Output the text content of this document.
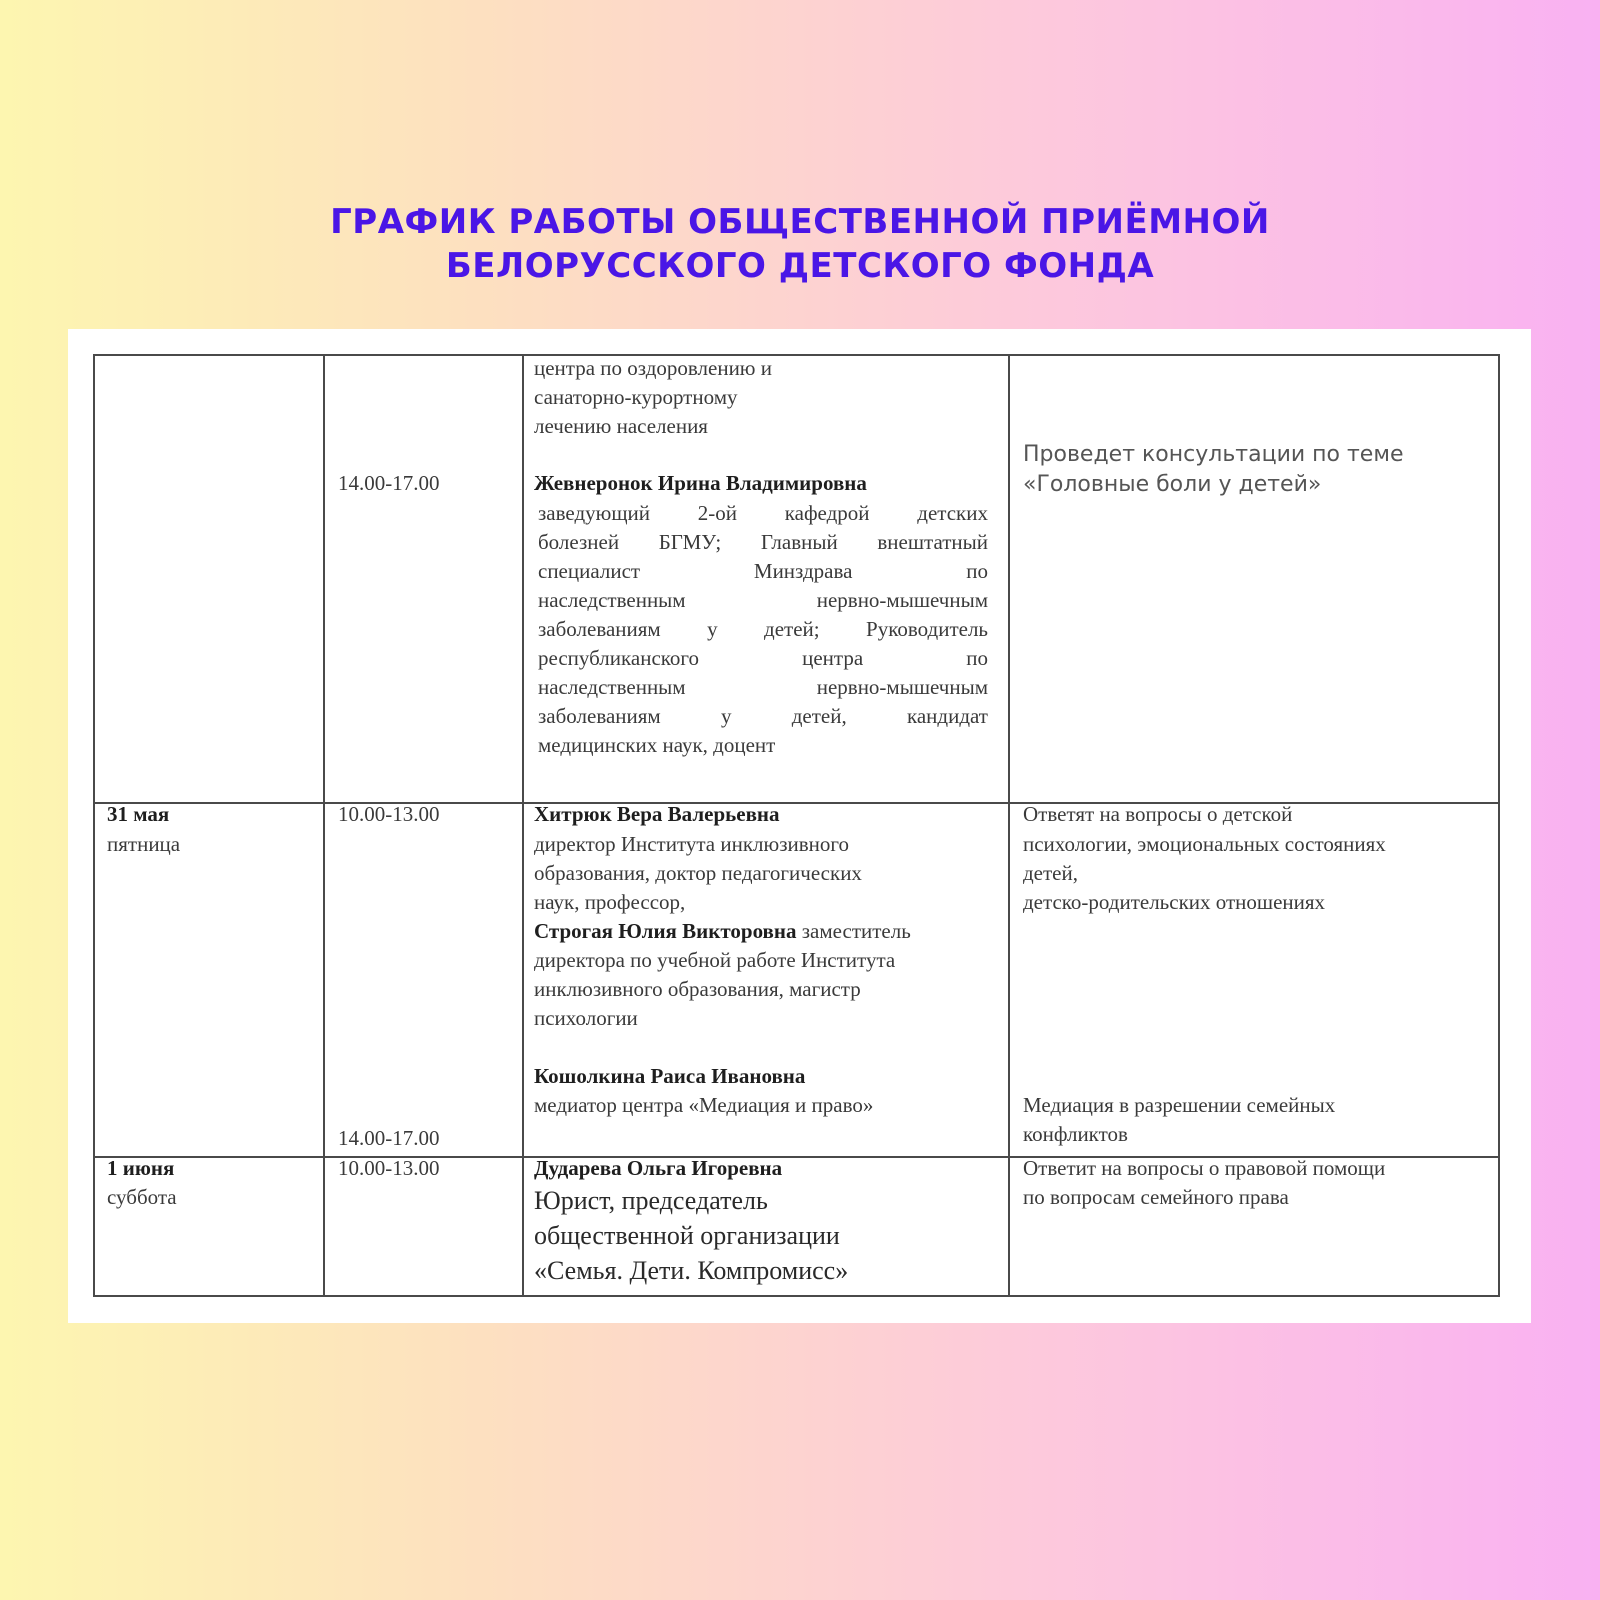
ГРАФИК РАБОТЫ ОБЩЕСТВЕННОЙ ПРИЁМНОЙ
БЕЛОРУССКОГО ДЕТСКОГО ФОНДА
14.00-17.00
центра по оздоровлению и
санаторно-курортному
лечению населения
Жевнеронок Ирина Владимировна
заведующий 2-ой кафедрой детских
болезней БГМУ; Главный внештатный
специалист Минздрава по
наследственным нервно-мышечным
заболеваниям у детей; Руководитель
республиканского центра по
наследственным нервно-мышечным
заболеваниям у детей, кандидат
медицинских наук, доцент
Проведет консультации по теме
«Головные боли у детей»
31 мая
пятница
10.00-13.00
14.00-17.00
Хитрюк Вера Валерьевна
директор Института инклюзивного
образования, доктор педагогических
наук, профессор,
Строгая Юлия Викторовна заместитель
директора по учебной работе Института
инклюзивного образования, магистр
психологии
Кошолкина Раиса Ивановна
медиатор центра «Медиация и право»
Ответят на вопросы о детской
психологии, эмоциональных состояниях
детей,
детско-родительских отношениях
Медиация в разрешении семейных
конфликтов
1 июня
суббота
10.00-13.00	Дударева Ольга Игоревна
Юрист, председатель
общественной организации
«Семья. Дети. Компромисс»
Ответит на вопросы о правовой помощи
по вопросам семейного права
